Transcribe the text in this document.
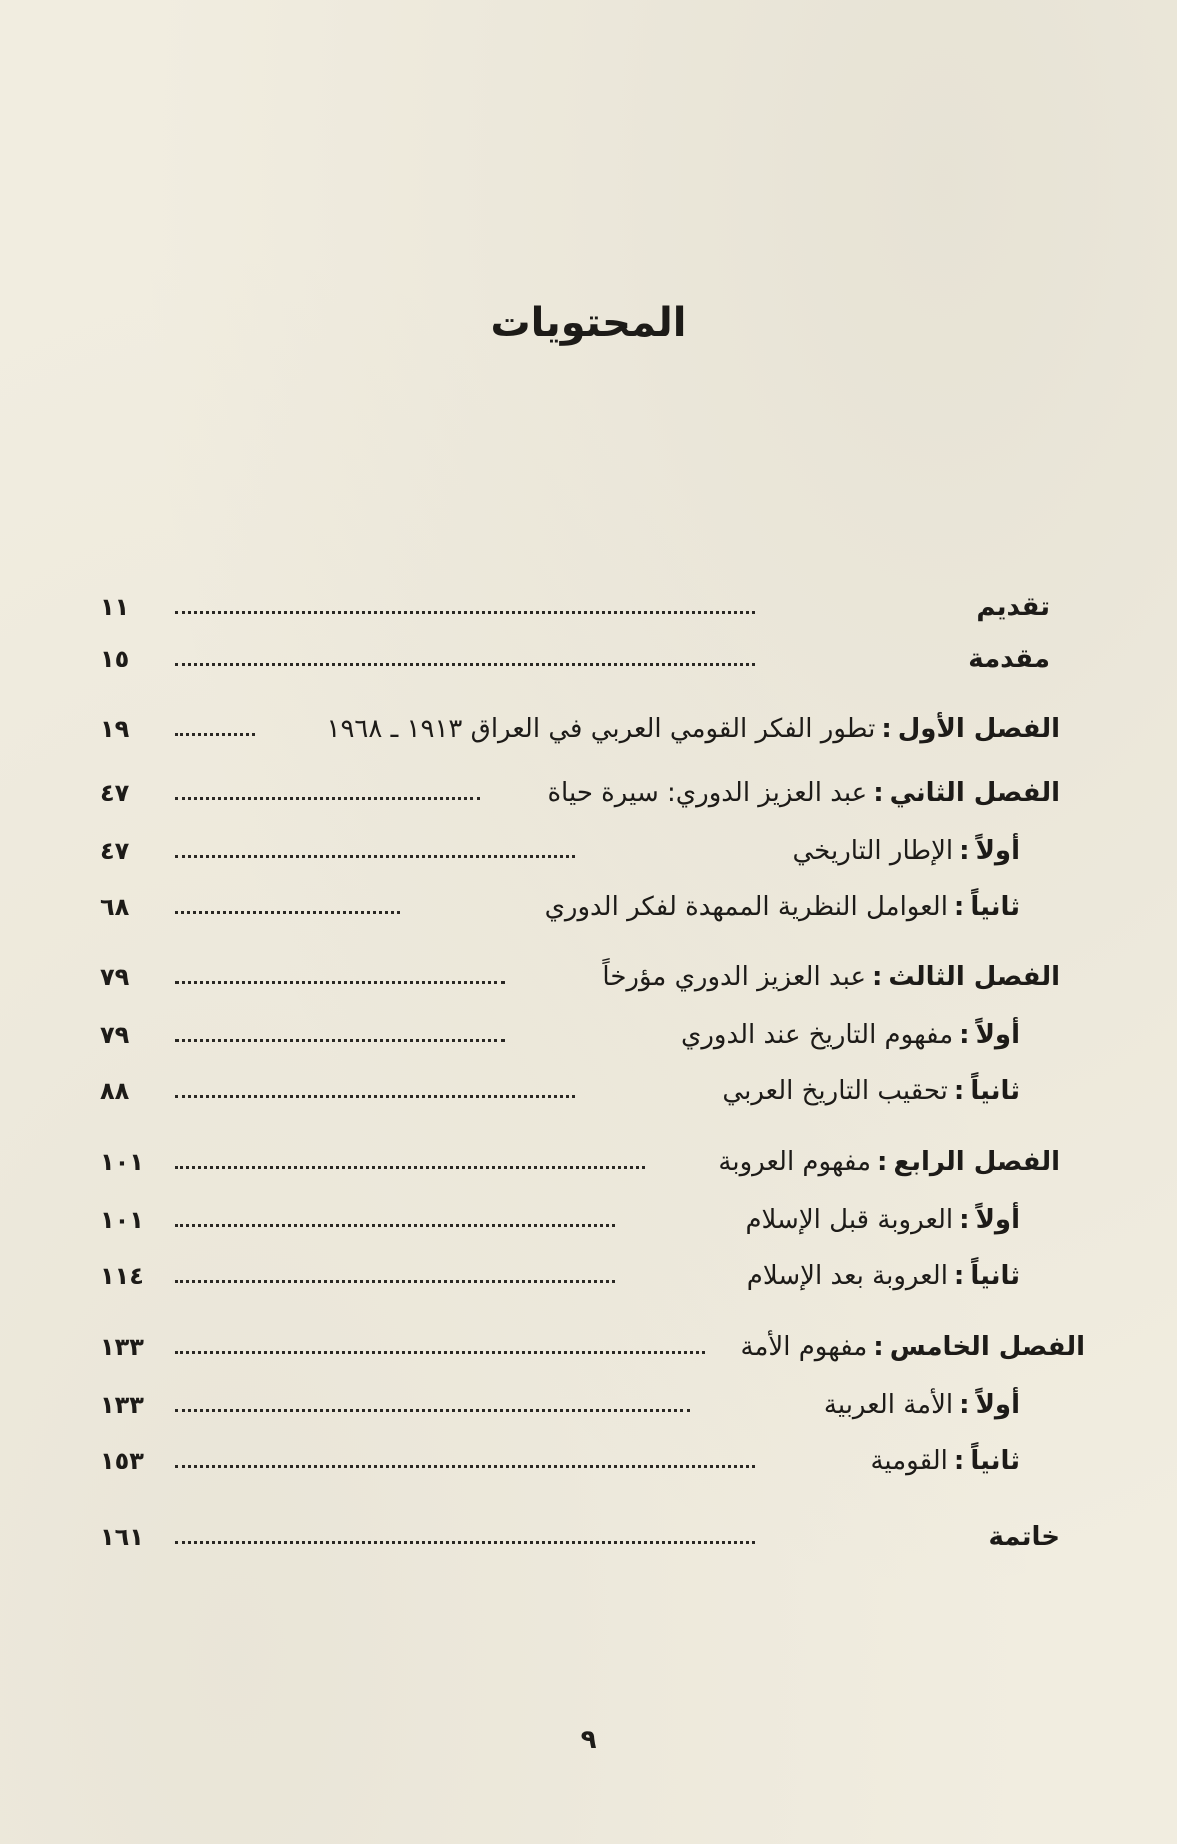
المحتويات
تقديم
١١
مقدمة
١٥
الفصل الأول
:
تطور الفكر القومي العربي في العراق ١٩١٣ ـ ١٩٦٨
١٩
الفصل الثاني
:
عبد العزيز الدوري: سيرة حياة
٤٧
أولاً
:
الإطار التاريخي
٤٧
ثانياً
:
العوامل النظرية الممهدة لفكر الدوري
٦٨
الفصل الثالث
:
عبد العزيز الدوري مؤرخاً
٧٩
أولاً
:
مفهوم التاريخ عند الدوري
٧٩
ثانياً
:
تحقيب التاريخ العربي
٨٨
الفصل الرابع
:
مفهوم العروبة
١٠١
أولاً
:
العروبة قبل الإسلام
١٠١
ثانياً
:
العروبة بعد الإسلام
١١٤
الفصل الخامس
:
مفهوم الأمة
١٣٣
أولاً
:
الأمة العربية
١٣٣
ثانياً
:
القومية
١٥٣
خاتمة
١٦١
٩
